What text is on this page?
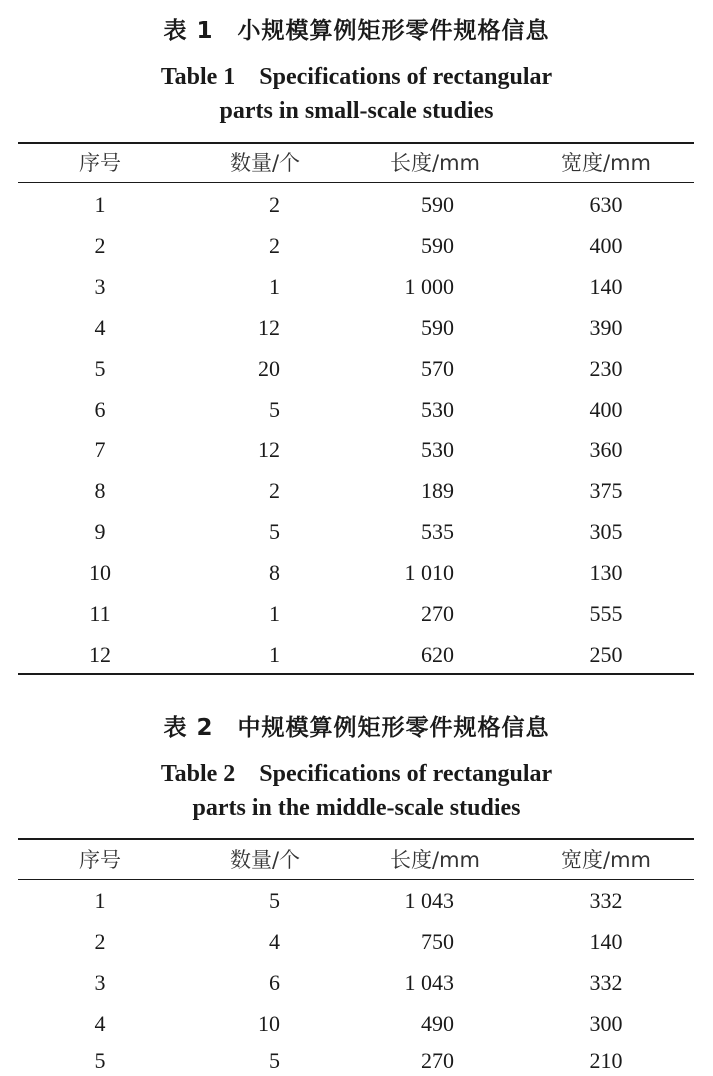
表 1　小规模算例矩形零件规格信息
Table 1　Specifications of rectangular
parts in small-scale studies
序号	数量/个	长度/mm	宽度/mm
1	2	590	630
2	2	590	400
3	1	1 000	140
4	12	590	390
5	20	570	230
6	5	530	400
7	12	530	360
8	2	189	375
9	5	535	305
10	8	1 010	130
11	1	270	555
12	1	620	250
表 2　中规模算例矩形零件规格信息
Table 2　Specifications of rectangular
parts in the middle-scale studies
序号	数量/个	长度/mm	宽度/mm
1	5	1 043	332
2	4	750	140
3	6	1 043	332
4	10	490	300
5	5	270	210
